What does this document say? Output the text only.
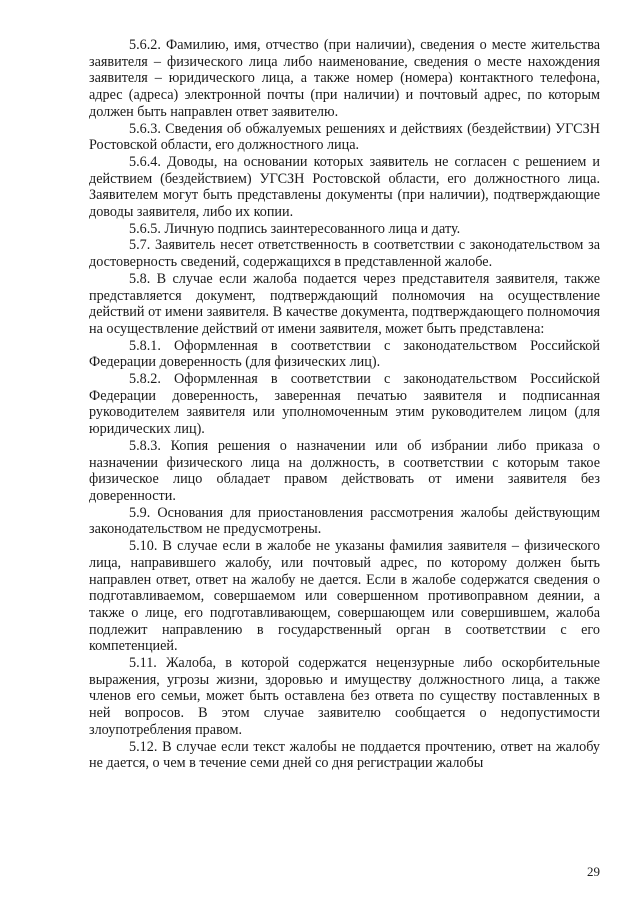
5.6.2. Фамилию, имя, отчество (при наличии), сведения о месте жительства заявителя – физического лица либо наименование, сведения о месте нахождения заявителя – юридического лица, а также номер (номера) контактного телефона, адрес (адреса) электронной почты (при наличии) и почтовый адрес, по которым должен быть направлен ответ заявителю.

5.6.3. Сведения об обжалуемых решениях и действиях (бездействии) УГСЗН Ростовской области, его должностного лица.

5.6.4. Доводы, на основании которых заявитель не согласен с решением и действием (бездействием) УГСЗН Ростовской области, его должностного лица. Заявителем могут быть представлены документы (при наличии), подтверждающие доводы заявителя, либо их копии.

5.6.5. Личную подпись заинтересованного лица и дату.

5.7. Заявитель несет ответственность в соответствии с законодательством за достоверность сведений, содержащихся в представленной жалобе.

5.8. В случае если жалоба подается через представителя заявителя, также представляется документ, подтверждающий полномочия на осуществление действий от имени заявителя. В качестве документа, подтверждающего полномочия на осуществление действий от имени заявителя, может быть представлена:

5.8.1. Оформленная в соответствии с законодательством Российской Федерации доверенность (для физических лиц).

5.8.2. Оформленная в соответствии с законодательством Российской Федерации доверенность, заверенная печатью заявителя и подписанная руководителем заявителя или уполномоченным этим руководителем лицом (для юридических лиц).

5.8.3. Копия решения о назначении или об избрании либо приказа о назначении физического лица на должность, в соответствии с которым такое физическое лицо обладает правом действовать от имени заявителя без доверенности.

5.9. Основания для приостановления рассмотрения жалобы действующим законодательством не предусмотрены.

5.10. В случае если в жалобе не указаны фамилия заявителя – физического лица, направившего жалобу, или почтовый адрес, по которому должен быть направлен ответ, ответ на жалобу не дается. Если в жалобе содержатся сведения о подготавливаемом, совершаемом или совершенном противоправном деянии, а также о лице, его подготавливающем, совершающем или совершившем, жалоба подлежит направлению в государственный орган в соответствии с его компетенцией.

5.11. Жалоба, в которой содержатся нецензурные либо оскорбительные выражения, угрозы жизни, здоровью и имуществу должностного лица, а также членов его семьи, может быть оставлена без ответа по существу поставленных в ней вопросов. В этом случае заявителю сообщается о недопустимости злоупотребления правом.

5.12. В случае если текст жалобы не поддается прочтению, ответ на жалобу не дается, о чем в течение семи дней со дня регистрации жалобы

29
